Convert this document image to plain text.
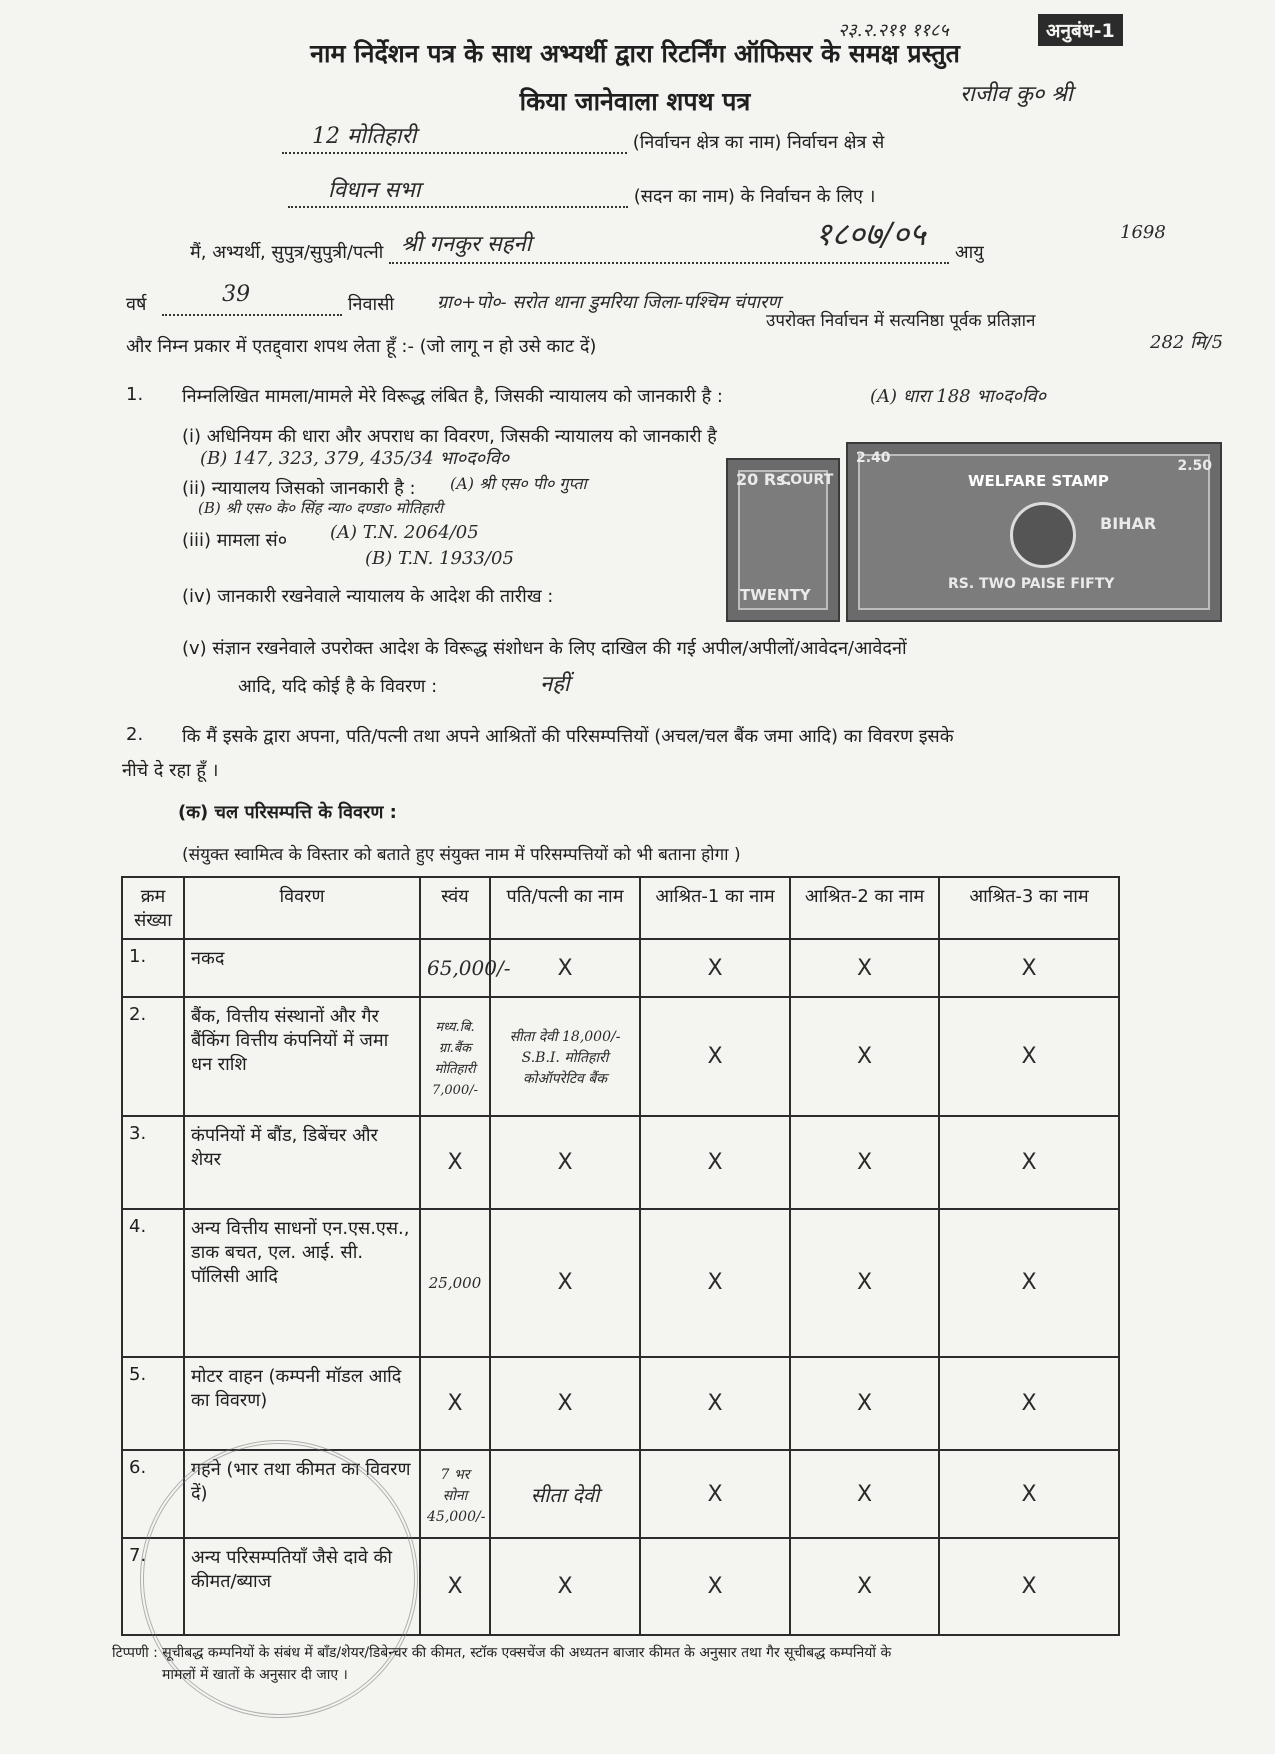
अनुबंध-1
२३.२.२११ ११८५
राजीव कु० श्री
नाम निर्देशन पत्र के साथ अभ्यर्थी द्वारा रिटर्निंग ऑफिसर के समक्ष प्रस्तुत
किया जानेवाला शपथ पत्र
12 मोतिहारी	(निर्वाचन क्षेत्र का नाम) निर्वाचन क्षेत्र से
विधान सभा	(सदन का नाम) के निर्वाचन के लिए ।
१८०७/०५	1698
मैं, अभ्यर्थी, सुपुत्र/सुपुत्री/पत्नी श्री गनकुर सहनी	आयु
वर्ष	39	निवासी ग्रा०+पो०- सरोत थाना डुमरिया जिला-पश्चिम चंपारण
उपरोक्त निर्वाचन में सत्यनिष्ठा पूर्वक प्रतिज्ञान
282 मि/5
और निम्न प्रकार में एतद्द्वारा शपथ लेता हूँ :- (जो लागू न हो उसे काट दें)
1. निम्नलिखित मामला/मामले मेरे विरूद्ध लंबित है, जिसकी न्यायालय को जानकारी है :	(A) धारा 188 भा०द०वि०
(i) अधिनियम की धारा और अपराध का विवरण, जिसकी न्यायालय को जानकारी है
(B) 147, 323, 379, 435/34 भा०द०वि०
(ii) न्यायालय जिसको जानकारी है : (A) श्री एस० पी० गुप्ता
(B) श्री एस० के० सिंह न्या० दण्डा० मोतिहारी
(iii) मामला सं० (A) T.N. 2064/05
(B) T.N. 1933/05
(iv) जानकारी रखनेवाले न्यायालय के आदेश की तारीख :
(v) संज्ञान रखनेवाले उपरोक्त आदेश के विरूद्ध संशोधन के लिए दाखिल की गई अपील/अपीलों/आवेदन/आवेदनों
आदि, यदि कोई है के विवरण :	नहीं
20 Rs.
COURT
TWENTY
2.40	2.50
WELFARE STAMP
BIHAR
RS. TWO PAISE FIFTY
2. कि मैं इसके द्वारा अपना, पति/पत्नी तथा अपने आश्रितों की परिसम्पत्तियों (अचल/चल बैंक जमा आदि) का विवरण इसके
नीचे दे रहा हूँ ।
(क) चल परिसम्पत्ति के विवरण :
(संयुक्त स्वामित्व के विस्तार को बताते हुए संयुक्त नाम में परिसम्पत्तियों को भी बताना होगा )
क्रम संख्या	विवरण	स्वंय	पति/पत्नी का नाम	आश्रित-1 का नाम	आश्रित-2 का नाम	आश्रित-3 का नाम
1.	नकद	65,000/-	X	X	X	X
2.	बैंक, वित्तीय संस्थानों और गैर बैंकिंग वित्तीय कंपनियों में जमा धन राशि	मध्य.बि. ग्रा.बैंक मोतिहारी 7,000/-	सीता देवी 18,000/- S.B.I. मोतिहारी कोऑपरेटिव बैंक	X	X	X
3.	कंपनियों में बौंड, डिबेंचर और शेयर	X	X	X	X	X
4.	अन्य वित्तीय साधनों एन.एस.एस., डाक बचत, एल. आई. सी. पॉलिसी आदि	25,000	X	X	X	X
5.	मोटर वाहन (कम्पनी मॉडल आदि का विवरण)	X	X	X	X	X
6.	गहने (भार तथा कीमत का विवरण दें)	7 भर सोना 45,000/-	सीता देवी	X	X	X
7.	अन्य परिसम्पतियाँ जैसे दावे की कीमत/ब्याज	X	X	X	X	X
टिप्पणी : सूचीबद्ध कम्पनियों के संबंध में बाँड/शेयर/डिबेन्चर की कीमत, स्टॉक एक्सचेंज की अध्यतन बाजार कीमत के अनुसार तथा गैर सूचीबद्ध कम्पनियों के
मामलों में खातों के अनुसार दी जाए ।
